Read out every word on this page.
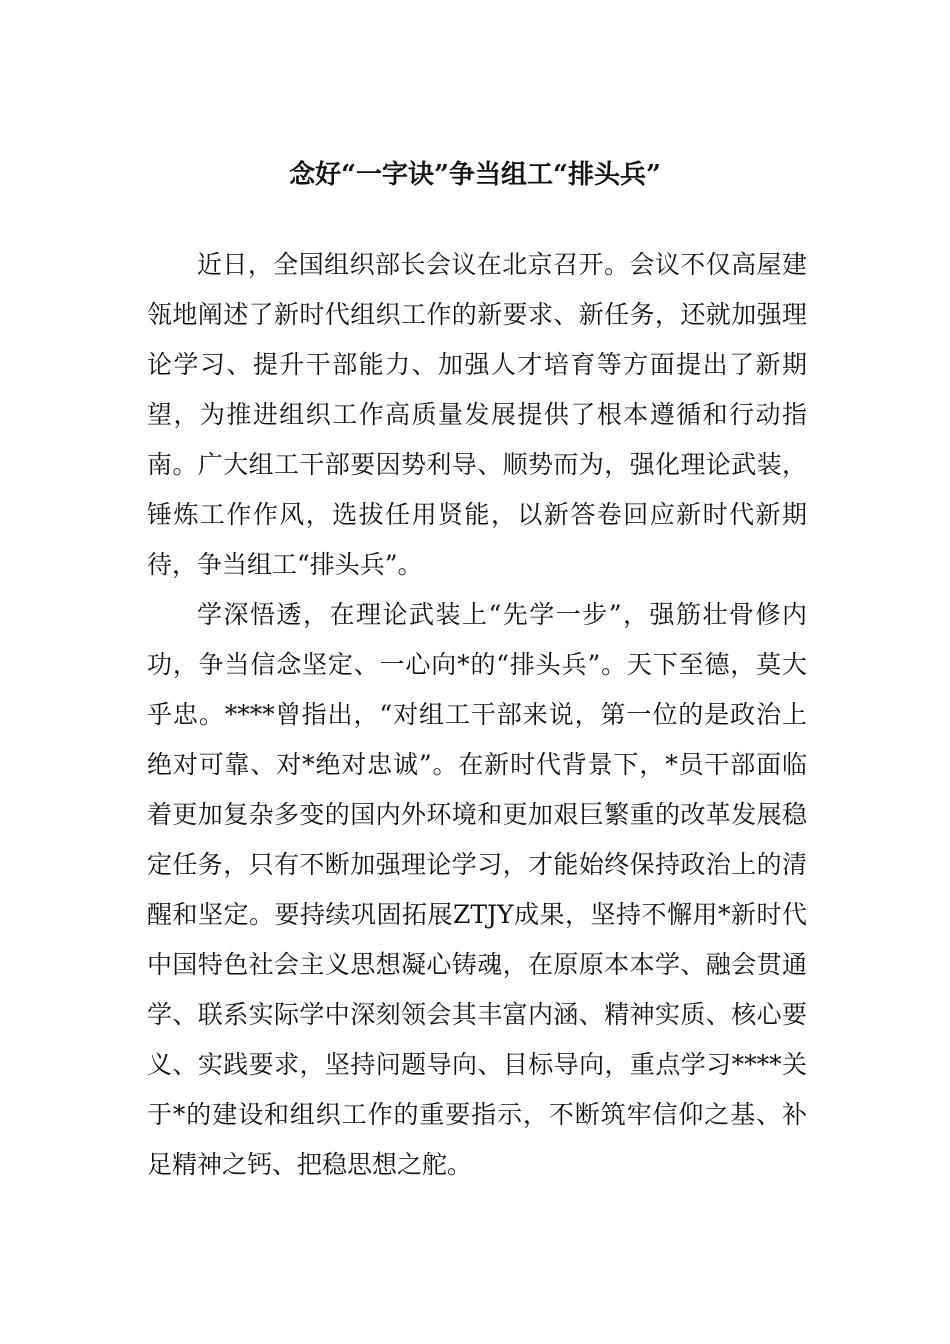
念好“一字诀”争当组工“排头兵”

近日，全国组织部长会议在北京召开。会议不仅高屋建瓴地阐述了新时代组织工作的新要求、新任务，还就加强理论学习、提升干部能力、加强人才培育等方面提出了新期望，为推进组织工作高质量发展提供了根本遵循和行动指南。广大组工干部要因势利导、顺势而为，强化理论武装，锤炼工作作风，选拔任用贤能，以新答卷回应新时代新期待，争当组工“排头兵”。

学深悟透，在理论武装上“先学一步”，强筋壮骨修内功，争当信念坚定、一心向*的“排头兵”。天下至德，莫大乎忠。****曾指出，“对组工干部来说，第一位的是政治上绝对可靠、对*绝对忠诚”。在新时代背景下，*员干部面临着更加复杂多变的国内外环境和更加艰巨繁重的改革发展稳定任务，只有不断加强理论学习，才能始终保持政治上的清醒和坚定。要持续巩固拓展ZTJY成果，坚持不懈用*新时代中国特色社会主义思想凝心铸魂，在原原本本学、融会贯通学、联系实际学中深刻领会其丰富内涵、精神实质、核心要义、实践要求，坚持问题导向、目标导向，重点学习****关于*的建设和组织工作的重要指示，不断筑牢信仰之基、补足精神之钙、把稳思想之舵。
